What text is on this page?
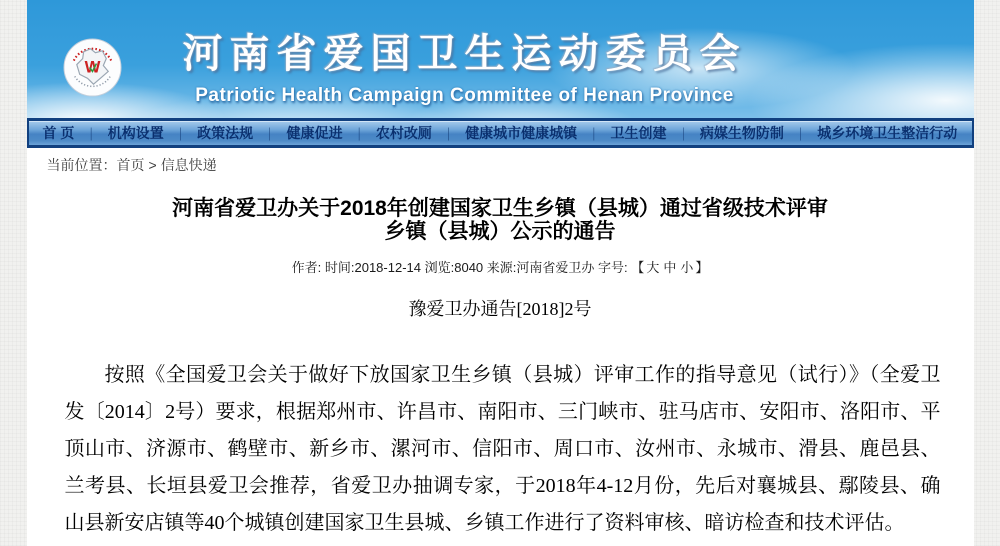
W	河南省爱国卫生运动委员会
Patriotic Health Campaign Committee of Henan Province
首 页 ｜ 机构设置 ｜ 政策法规 ｜ 健康促进 ｜ 农村改厕 ｜ 健康城市健康城镇 ｜ 卫生创建 ｜ 病媒生物防制 ｜ 城乡环境卫生整洁行动
当前位置：首页 > 信息快递
河南省爱卫办关于2018年创建国家卫生乡镇（县城）通过省级技术评审
乡镇（县城）公示的通告
作者: 时间:2018-12-14 浏览:8040 来源:河南省爱卫办 字号: 【 大 中 小 】
豫爱卫办通告[2018]2号

按照《全国爱卫会关于做好下放国家卫生乡镇（县城）评审工作的指导意见（试行）》（全爱卫发〔2014〕2号）要求，根据郑州市、许昌市、南阳市、三门峡市、驻马店市、安阳市、洛阳市、平顶山市、济源市、鹤壁市、新乡市、漯河市、信阳市、周口市、汝州市、永城市、滑县、鹿邑县、兰考县、长垣县爱卫会推荐，省爱卫办抽调专家，于2018年4-12月份，先后对襄城县、鄢陵县、确山县新安店镇等40个城镇创建国家卫生县城、乡镇工作进行了资料审核、暗访检查和技术评估。
